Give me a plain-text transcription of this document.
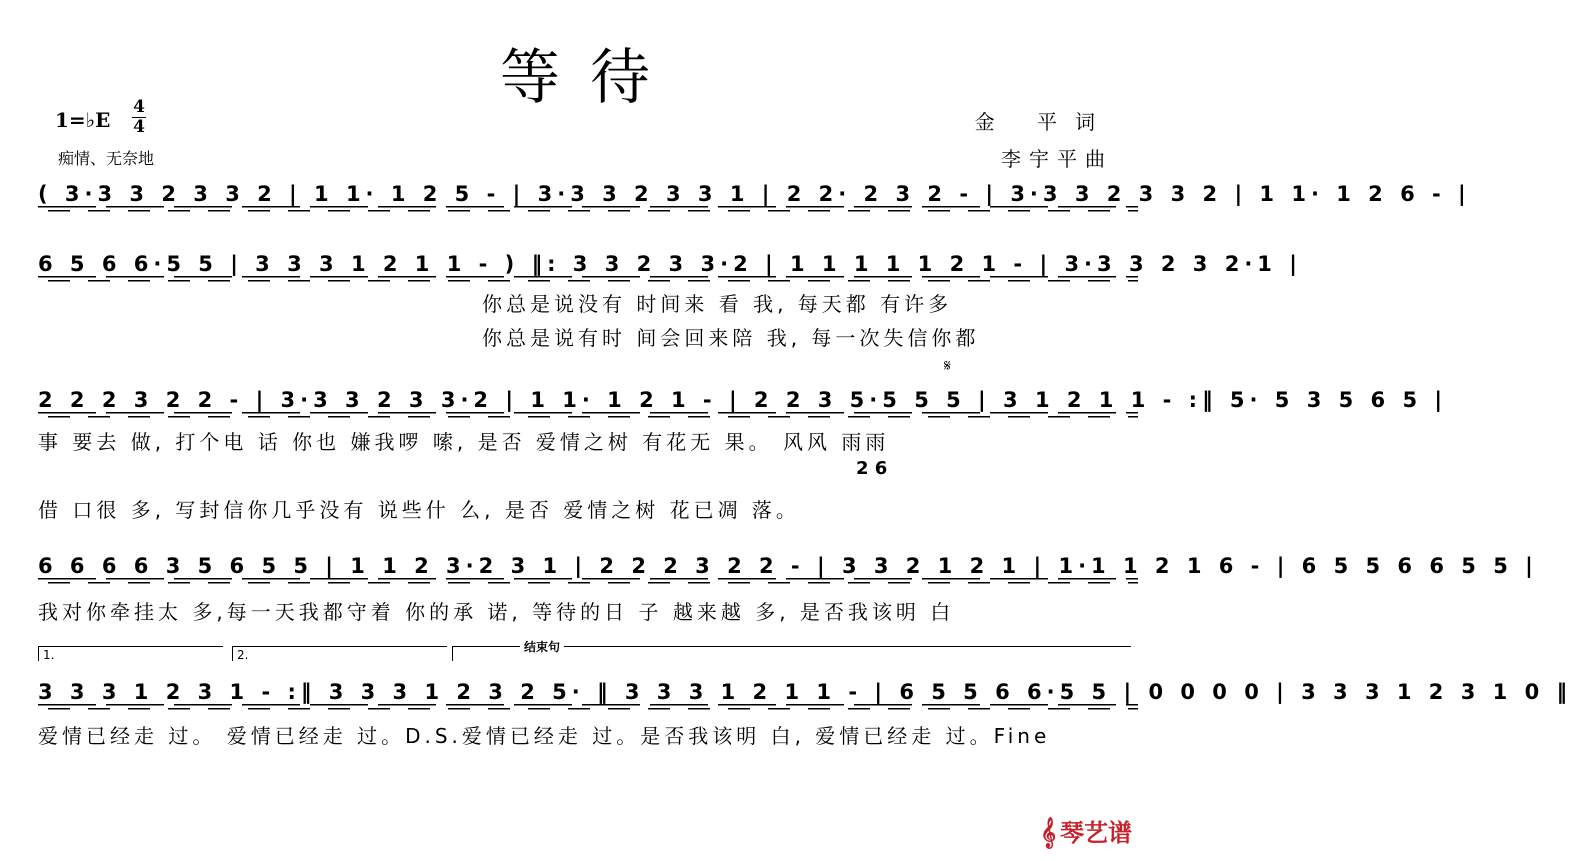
等待
1=♭E
4
4
痴情、无奈地
金 平词
李宇平曲
( 3·3 3 2 3 3 2 | 1 1· 1 2 5 - | 3·3 3 2 3 3 1 | 2 2· 2 3 2 - | 3·3 3 2 3 3 2 | 1 1· 1 2 6 - |
6 5 6 6·5 5 | 3 3 3 1 2 1 1 - ) ‖: 3 3 2 3 3·2 | 1 1 1 1 1 2 1 - | 3·3 3 2 3 2·1 |
你总是说没有 时间来 看 我, 每天都 有许多
你总是说有时 间会回来陪 我, 每一次失信你都
𝄋
2 2 2 3 2 2 - | 3·3 3 2 3 3·2 | 1 1· 1 2 1 - | 2 2 3 5·5 5 5 | 3 1 2 1 1 - :‖ 5· 5 3 5 6 5 |
事 要去 做, 打个电 话 你也 嫌我啰 嗦, 是否 爱情之树 有花无 果。 风风 雨雨
2 6
借 口很 多, 写封信你几乎没有 说些什 么, 是否 爱情之树 花已凋 落。
6 6 6 6 3 5 6 5 5 | 1 1 2 3·2 3 1 | 2 2 2 3 2 2 - | 3 3 2 1 2 1 | 1·1 1 2 1 6 - | 6 5 5 6 6 5 5 |
我对你牵挂太 多,每一天我都守着 你的承 诺, 等待的日 子 越来越 多, 是否我该明 白
1.	2.
结束句
3 3 3 1 2 3 1 - :‖ 3 3 3 1 2 3 2 5· ‖ 3 3 3 1 2 1 1 - | 6 5 5 6 6·5 5 | 0 0 0 0 | 3 3 3 1 2 3 1 0 ‖
爱情已经走 过。 爱情已经走 过。D.S.爱情已经走 过。是否我该明 白, 爱情已经走 过。Fine
𝄞 琴艺谱
